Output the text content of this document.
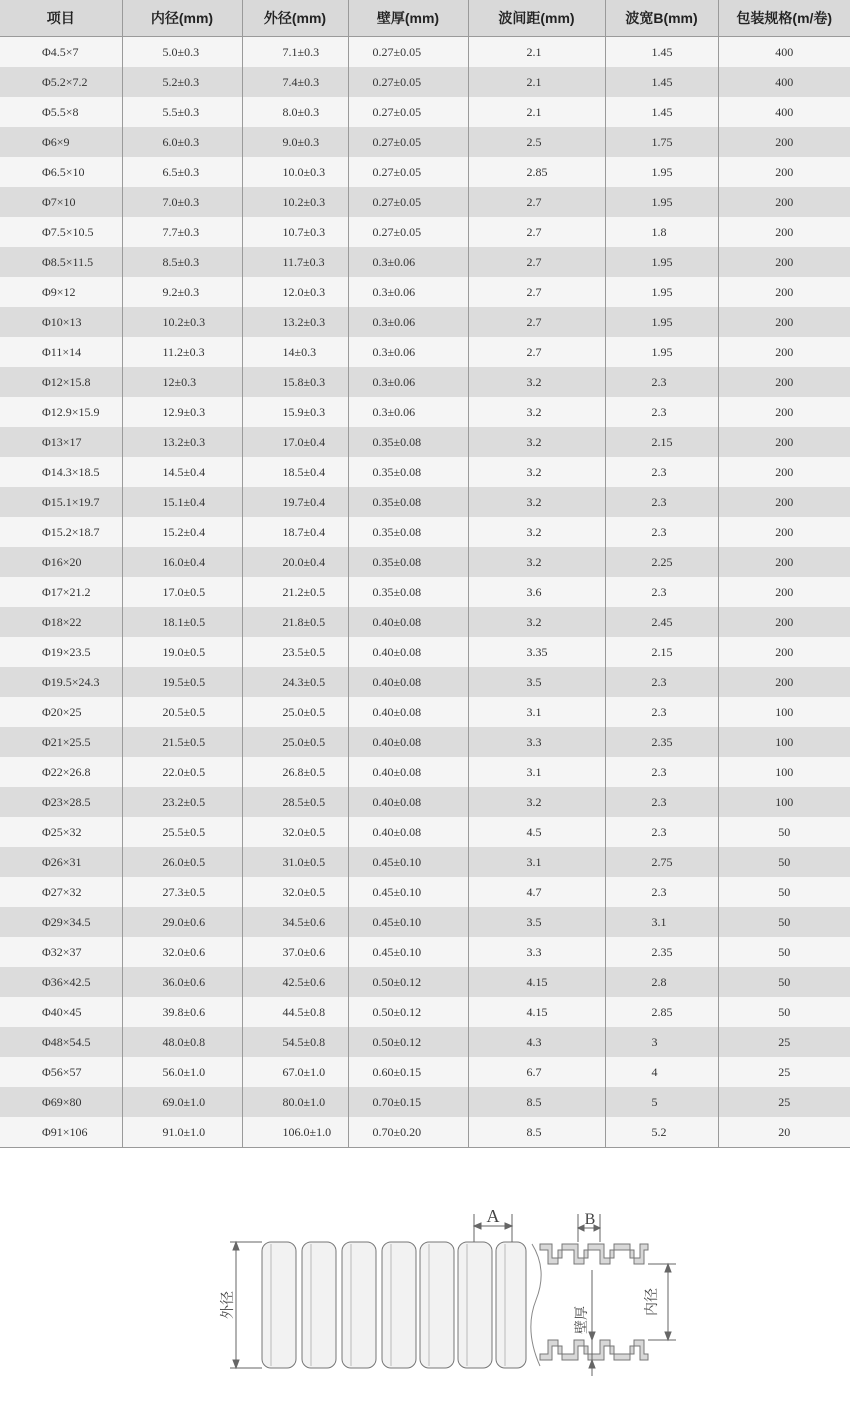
项目	内径(mm)	外径(mm)	壁厚(mm)	波间距(mm)	波宽B(mm)	包装规格(m/卷)
Φ4.5×7	5.0±0.3	7.1±0.3	0.27±0.05	2.1	1.45	400
Φ5.2×7.2	5.2±0.3	7.4±0.3	0.27±0.05	2.1	1.45	400
Φ5.5×8	5.5±0.3	8.0±0.3	0.27±0.05	2.1	1.45	400
Φ6×9	6.0±0.3	9.0±0.3	0.27±0.05	2.5	1.75	200
Φ6.5×10	6.5±0.3	10.0±0.3	0.27±0.05	2.85	1.95	200
Φ7×10	7.0±0.3	10.2±0.3	0.27±0.05	2.7	1.95	200
Φ7.5×10.5	7.7±0.3	10.7±0.3	0.27±0.05	2.7	1.8	200
Φ8.5×11.5	8.5±0.3	11.7±0.3	0.3±0.06	2.7	1.95	200
Φ9×12	9.2±0.3	12.0±0.3	0.3±0.06	2.7	1.95	200
Φ10×13	10.2±0.3	13.2±0.3	0.3±0.06	2.7	1.95	200
Φ11×14	11.2±0.3	14±0.3	0.3±0.06	2.7	1.95	200
Φ12×15.8	12±0.3	15.8±0.3	0.3±0.06	3.2	2.3	200
Φ12.9×15.9	12.9±0.3	15.9±0.3	0.3±0.06	3.2	2.3	200
Φ13×17	13.2±0.3	17.0±0.4	0.35±0.08	3.2	2.15	200
Φ14.3×18.5	14.5±0.4	18.5±0.4	0.35±0.08	3.2	2.3	200
Φ15.1×19.7	15.1±0.4	19.7±0.4	0.35±0.08	3.2	2.3	200
Φ15.2×18.7	15.2±0.4	18.7±0.4	0.35±0.08	3.2	2.3	200
Φ16×20	16.0±0.4	20.0±0.4	0.35±0.08	3.2	2.25	200
Φ17×21.2	17.0±0.5	21.2±0.5	0.35±0.08	3.6	2.3	200
Φ18×22	18.1±0.5	21.8±0.5	0.40±0.08	3.2	2.45	200
Φ19×23.5	19.0±0.5	23.5±0.5	0.40±0.08	3.35	2.15	200
Φ19.5×24.3	19.5±0.5	24.3±0.5	0.40±0.08	3.5	2.3	200
Φ20×25	20.5±0.5	25.0±0.5	0.40±0.08	3.1	2.3	100
Φ21×25.5	21.5±0.5	25.0±0.5	0.40±0.08	3.3	2.35	100
Φ22×26.8	22.0±0.5	26.8±0.5	0.40±0.08	3.1	2.3	100
Φ23×28.5	23.2±0.5	28.5±0.5	0.40±0.08	3.2	2.3	100
Φ25×32	25.5±0.5	32.0±0.5	0.40±0.08	4.5	2.3	50
Φ26×31	26.0±0.5	31.0±0.5	0.45±0.10	3.1	2.75	50
Φ27×32	27.3±0.5	32.0±0.5	0.45±0.10	4.7	2.3	50
Φ29×34.5	29.0±0.6	34.5±0.6	0.45±0.10	3.5	3.1	50
Φ32×37	32.0±0.6	37.0±0.6	0.45±0.10	3.3	2.35	50
Φ36×42.5	36.0±0.6	42.5±0.6	0.50±0.12	4.15	2.8	50
Φ40×45	39.8±0.6	44.5±0.8	0.50±0.12	4.15	2.85	50
Φ48×54.5	48.0±0.8	54.5±0.8	0.50±0.12	4.3	3	25
Φ56×57	56.0±1.0	67.0±1.0	0.60±0.15	6.7	4	25
Φ69×80	69.0±1.0	80.0±1.0	0.70±0.15	8.5	5	25
Φ91×106	91.0±1.0	106.0±1.0	0.70±0.20	8.5	5.2	20
外径
A	B
壁厚
内径
